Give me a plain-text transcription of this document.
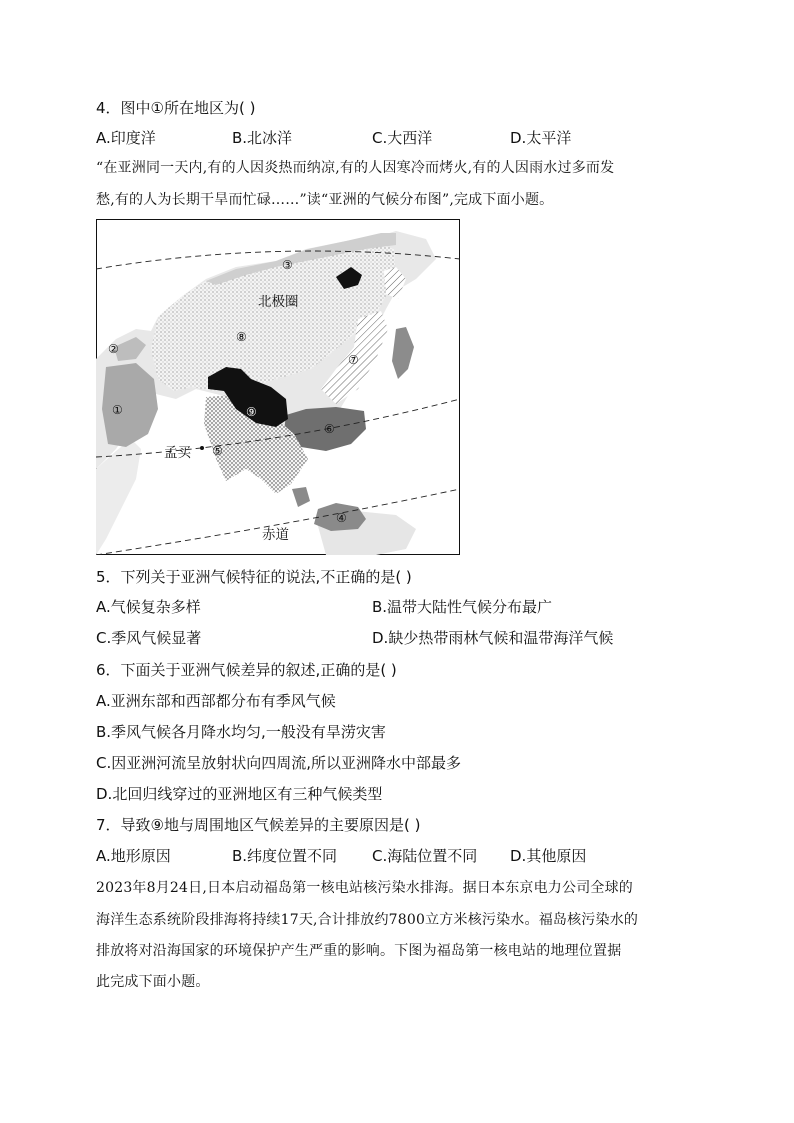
4．图中①所在地区为( )
A.印度洋	B.北冰洋	C.大西洋	D.太平洋
“在亚洲同一天内,有的人因炎热而纳凉,有的人因寒冷而烤火,有的人因雨水过多而发
愁,有的人为长期干旱而忙碌……”读“亚洲的气候分布图”,完成下面小题。
北极圈
赤道
孟买
①
②
③
④
⑤
⑥
⑦
⑧
⑨
5．下列关于亚洲气候特征的说法,不正确的是( )
A.气候复杂多样	B.温带大陆性气候分布最广
C.季风气候显著	D.缺少热带雨林气候和温带海洋气候
6．下面关于亚洲气候差异的叙述,正确的是( )
A.亚洲东部和西部都分布有季风气候
B.季风气候各月降水均匀,一般没有旱涝灾害
C.因亚洲河流呈放射状向四周流,所以亚洲降水中部最多
D.北回归线穿过的亚洲地区有三种气候类型
7．导致⑨地与周围地区气候差异的主要原因是( )
A.地形原因	B.纬度位置不同 C.海陆位置不同 D.其他原因
2023年8月24日,日本启动福岛第一核电站核污染水排海。据日本东京电力公司全球的
海洋生态系统阶段排海将持续17天,合计排放约7800立方米核污染水。福岛核污染水的
排放将对沿海国家的环境保护产生严重的影响。下图为福岛第一核电站的地理位置据
此完成下面小题。
